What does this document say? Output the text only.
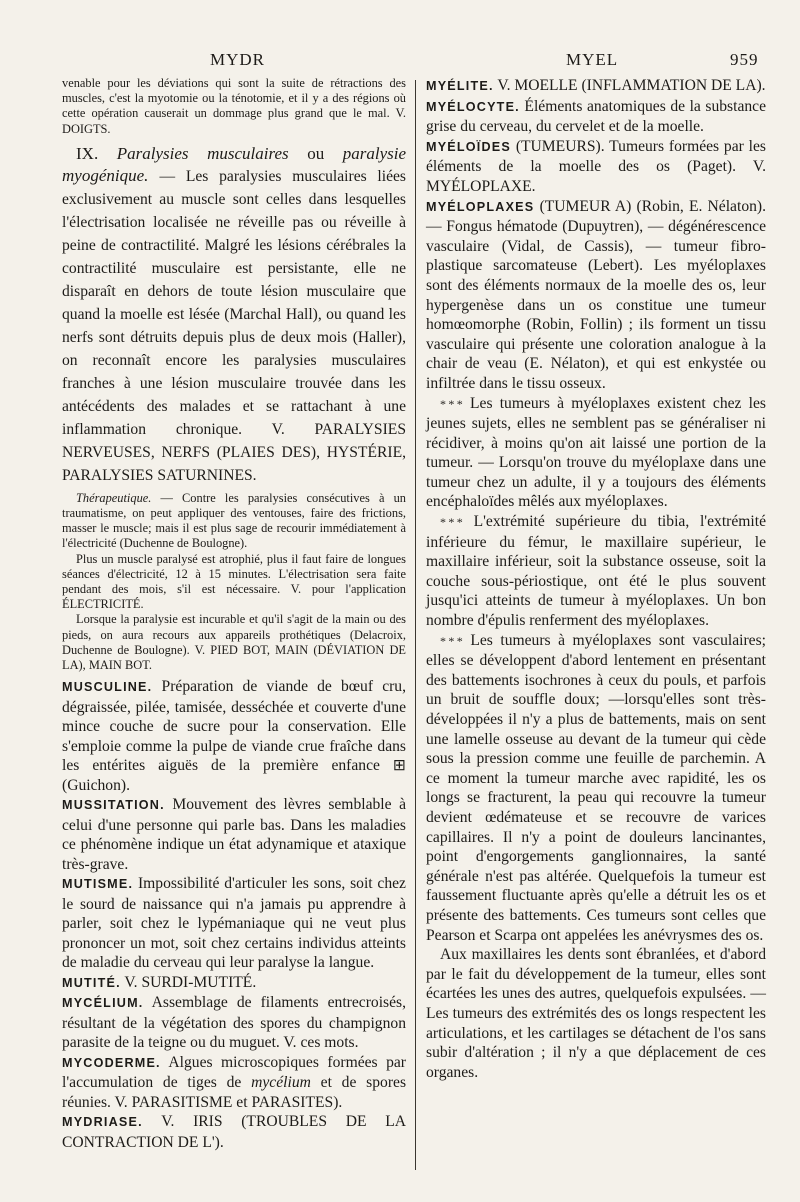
MYDR	MYEL	959

venable pour les déviations qui sont la suite de rétractions des muscles, c'est la myotomie ou la ténotomie, et il y a des régions où cette opération causerait un dommage plus grand que le mal. V. DOIGTS.

IX. Paralysies musculaires ou paralysie myogénique. — Les paralysies musculaires liées exclusivement au muscle sont celles dans lesquelles l'électrisation localisée ne réveille pas ou réveille à peine de contractilité. Malgré les lésions cérébrales la contractilité musculaire est persistante, elle ne disparaît en dehors de toute lésion musculaire que quand la moelle est lésée (Marchal Hall), ou quand les nerfs sont détruits depuis plus de deux mois (Haller), on reconnaît encore les paralysies musculaires franches à une lésion musculaire trouvée dans les antécédents des malades et se rattachant à une inflammation chronique. V. PARALYSIES NERVEUSES, NERFS (PLAIES DES), HYSTÉRIE, PARALYSIES SATURNINES.

Thérapeutique. — Contre les paralysies consécutives à un traumatisme, on peut appliquer des ventouses, faire des frictions, masser le muscle; mais il est plus sage de recourir immédiatement à l'électricité (Duchenne de Boulogne).

Plus un muscle paralysé est atrophié, plus il faut faire de longues séances d'électricité, 12 à 15 minutes. L'électrisation sera faite pendant des mois, s'il est nécessaire. V. pour l'application ÉLECTRICITÉ.

Lorsque la paralysie est incurable et qu'il s'agit de la main ou des pieds, on aura recours aux appareils prothétiques (Delacroix, Duchenne de Boulogne). V. PIED BOT, MAIN (DÉVIATION DE LA), MAIN BOT.

MUSCULINE. Préparation de viande de bœuf cru, dégraissée, pilée, tamisée, desséchée et couverte d'une mince couche de sucre pour la conservation. Elle s'emploie comme la pulpe de viande crue fraîche dans les entérites aiguës de la première enfance ⊞ (Guichon).

MUSSITATION. Mouvement des lèvres semblable à celui d'une personne qui parle bas. Dans les maladies ce phénomène indique un état adynamique et ataxique très-grave.

MUTISME. Impossibilité d'articuler les sons, soit chez le sourd de naissance qui n'a jamais pu apprendre à parler, soit chez le lypémaniaque qui ne veut plus prononcer un mot, soit chez certains individus atteints de maladie du cerveau qui leur paralyse la langue.

MUTITÉ. V. SURDI-MUTITÉ.

MYCÉLIUM. Assemblage de filaments entrecroisés, résultant de la végétation des spores du champignon parasite de la teigne ou du muguet. V. ces mots.

MYCODERME. Algues microscopiques formées par l'accumulation de tiges de mycélium et de spores réunies. V. PARASITISME et PARASITES).

MYDRIASE. V. IRIS (TROUBLES DE LA CONTRACTION DE L').

MYÉLITE. V. MOELLE (INFLAMMATION DE LA).

MYÉLOCYTE. Éléments anatomiques de la substance grise du cerveau, du cervelet et de la moelle.

MYÉLOÏDES (TUMEURS). Tumeurs formées par les éléments de la moelle des os (Paget). V. MYÉLOPLAXE.

MYÉLOPLAXES (TUMEUR A) (Robin, E. Nélaton). — Fongus hématode (Dupuytren), — dégénérescence vasculaire (Vidal, de Cassis), — tumeur fibro-plastique sarcomateuse (Lebert). Les myéloplaxes sont des éléments normaux de la moelle des os, leur hypergenèse dans un os constitue une tumeur homœomorphe (Robin, Follin) ; ils forment un tissu vasculaire qui présente une coloration analogue à la chair de veau (E. Nélaton), et qui est enkystée ou infiltrée dans le tissu osseux.

* * * Les tumeurs à myéloplaxes existent chez les jeunes sujets, elles ne semblent pas se généraliser ni récidiver, à moins qu'on ait laissé une portion de la tumeur. — Lorsqu'on trouve du myéloplaxe dans une tumeur chez un adulte, il y a toujours des éléments encéphaloïdes mêlés aux myéloplaxes.

* * * L'extrémité supérieure du tibia, l'extrémité inférieure du fémur, le maxillaire supérieur, le maxillaire inférieur, soit la substance osseuse, soit la couche sous-périostique, ont été le plus souvent jusqu'ici atteints de tumeur à myéloplaxes. Un bon nombre d'épulis renferment des myéloplaxes.

* * * Les tumeurs à myéloplaxes sont vasculaires; elles se développent d'abord lentement en présentant des battements isochrones à ceux du pouls, et parfois un bruit de souffle doux; —lorsqu'elles sont très-développées il n'y a plus de battements, mais on sent une lamelle osseuse au devant de la tumeur qui cède sous la pression comme une feuille de parchemin. A ce moment la tumeur marche avec rapidité, les os longs se fracturent, la peau qui recouvre la tumeur devient œdémateuse et se recouvre de varices capillaires. Il n'y a point de douleurs lancinantes, point d'engorgements ganglionnaires, la santé générale n'est pas altérée. Quelquefois la tumeur est faussement fluctuante après qu'elle a détruit les os et présente des battements. Ces tumeurs sont celles que Pearson et Scarpa ont appelées les anévrysmes des os.

Aux maxillaires les dents sont ébranlées, et d'abord par le fait du développement de la tumeur, elles sont écartées les unes des autres, quelquefois expulsées. — Les tumeurs des extrémités des os longs respectent les articulations, et les cartilages se détachent de l'os sans subir d'altération ; il n'y a que déplacement de ces organes.
